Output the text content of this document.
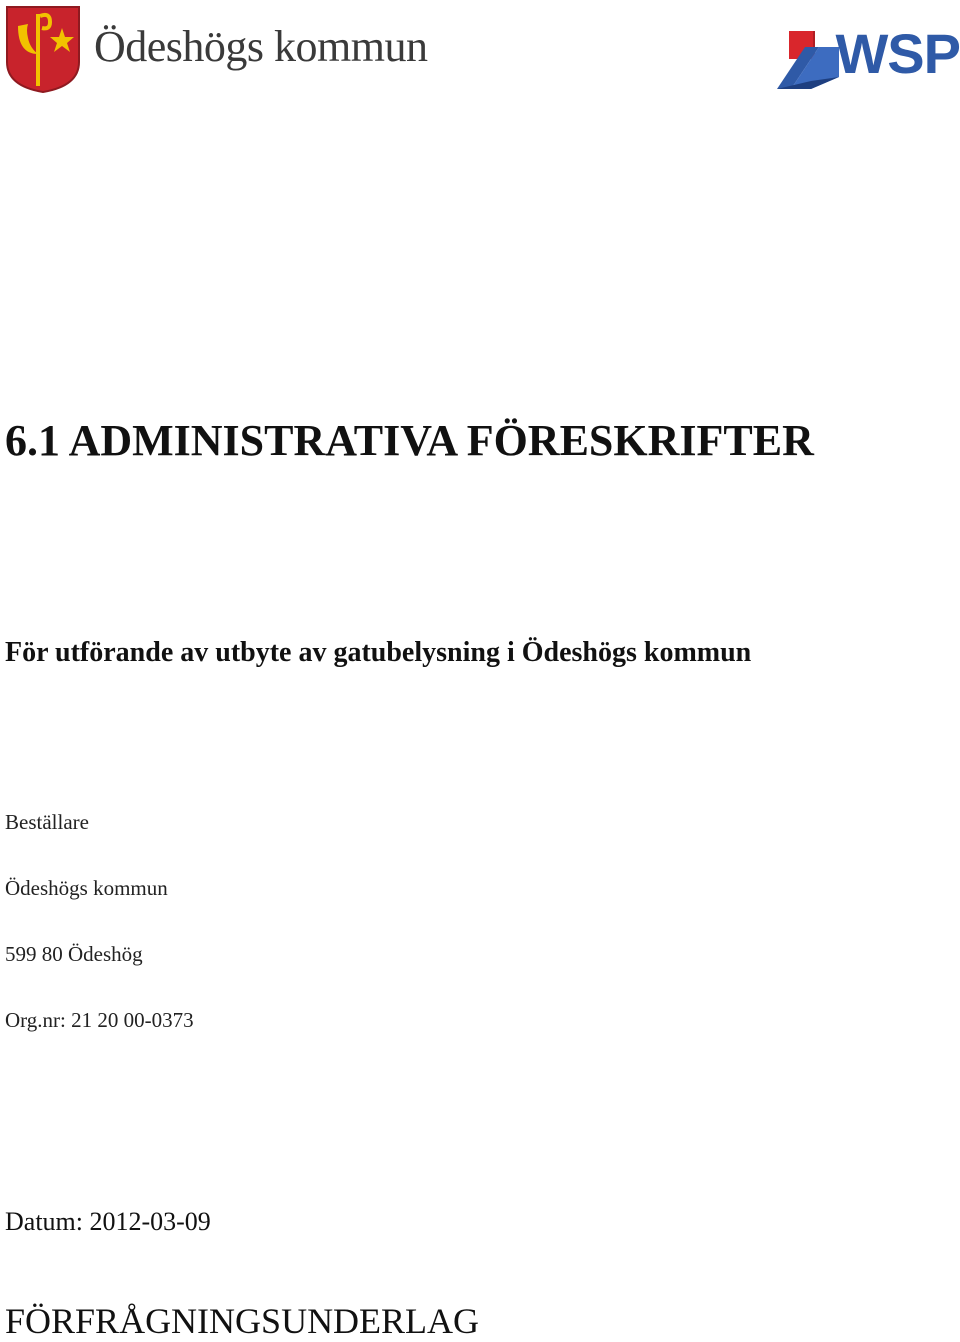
Ödeshögs kommun	WSP
6.1 ADMINISTRATIVA FÖRESKRIFTER
För utförande av utbyte av gatubelysning i Ödeshögs kommun
Beställare
Ödeshögs kommun
599 80 Ödeshög
Org.nr: 21 20 00-0373
Datum: 2012-03-09
FÖRFRÅGNINGSUNDERLAG
